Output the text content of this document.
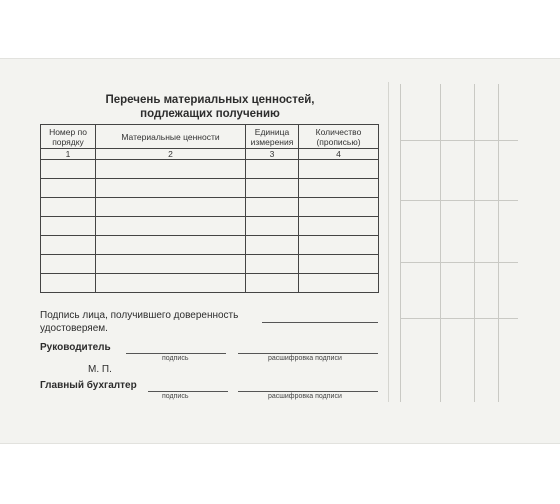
Перечень материальных ценностей,
подлежащих получению
Номер по порядку	Материальные ценности	Единица измерения	Количество (прописью)
1	2	3	4

Подпись лица, получившего доверенность
удостоверяем.
Руководитель
подпись	расшифровка подписи
М. П.
Главный бухгалтер
подпись	расшифровка подписи
